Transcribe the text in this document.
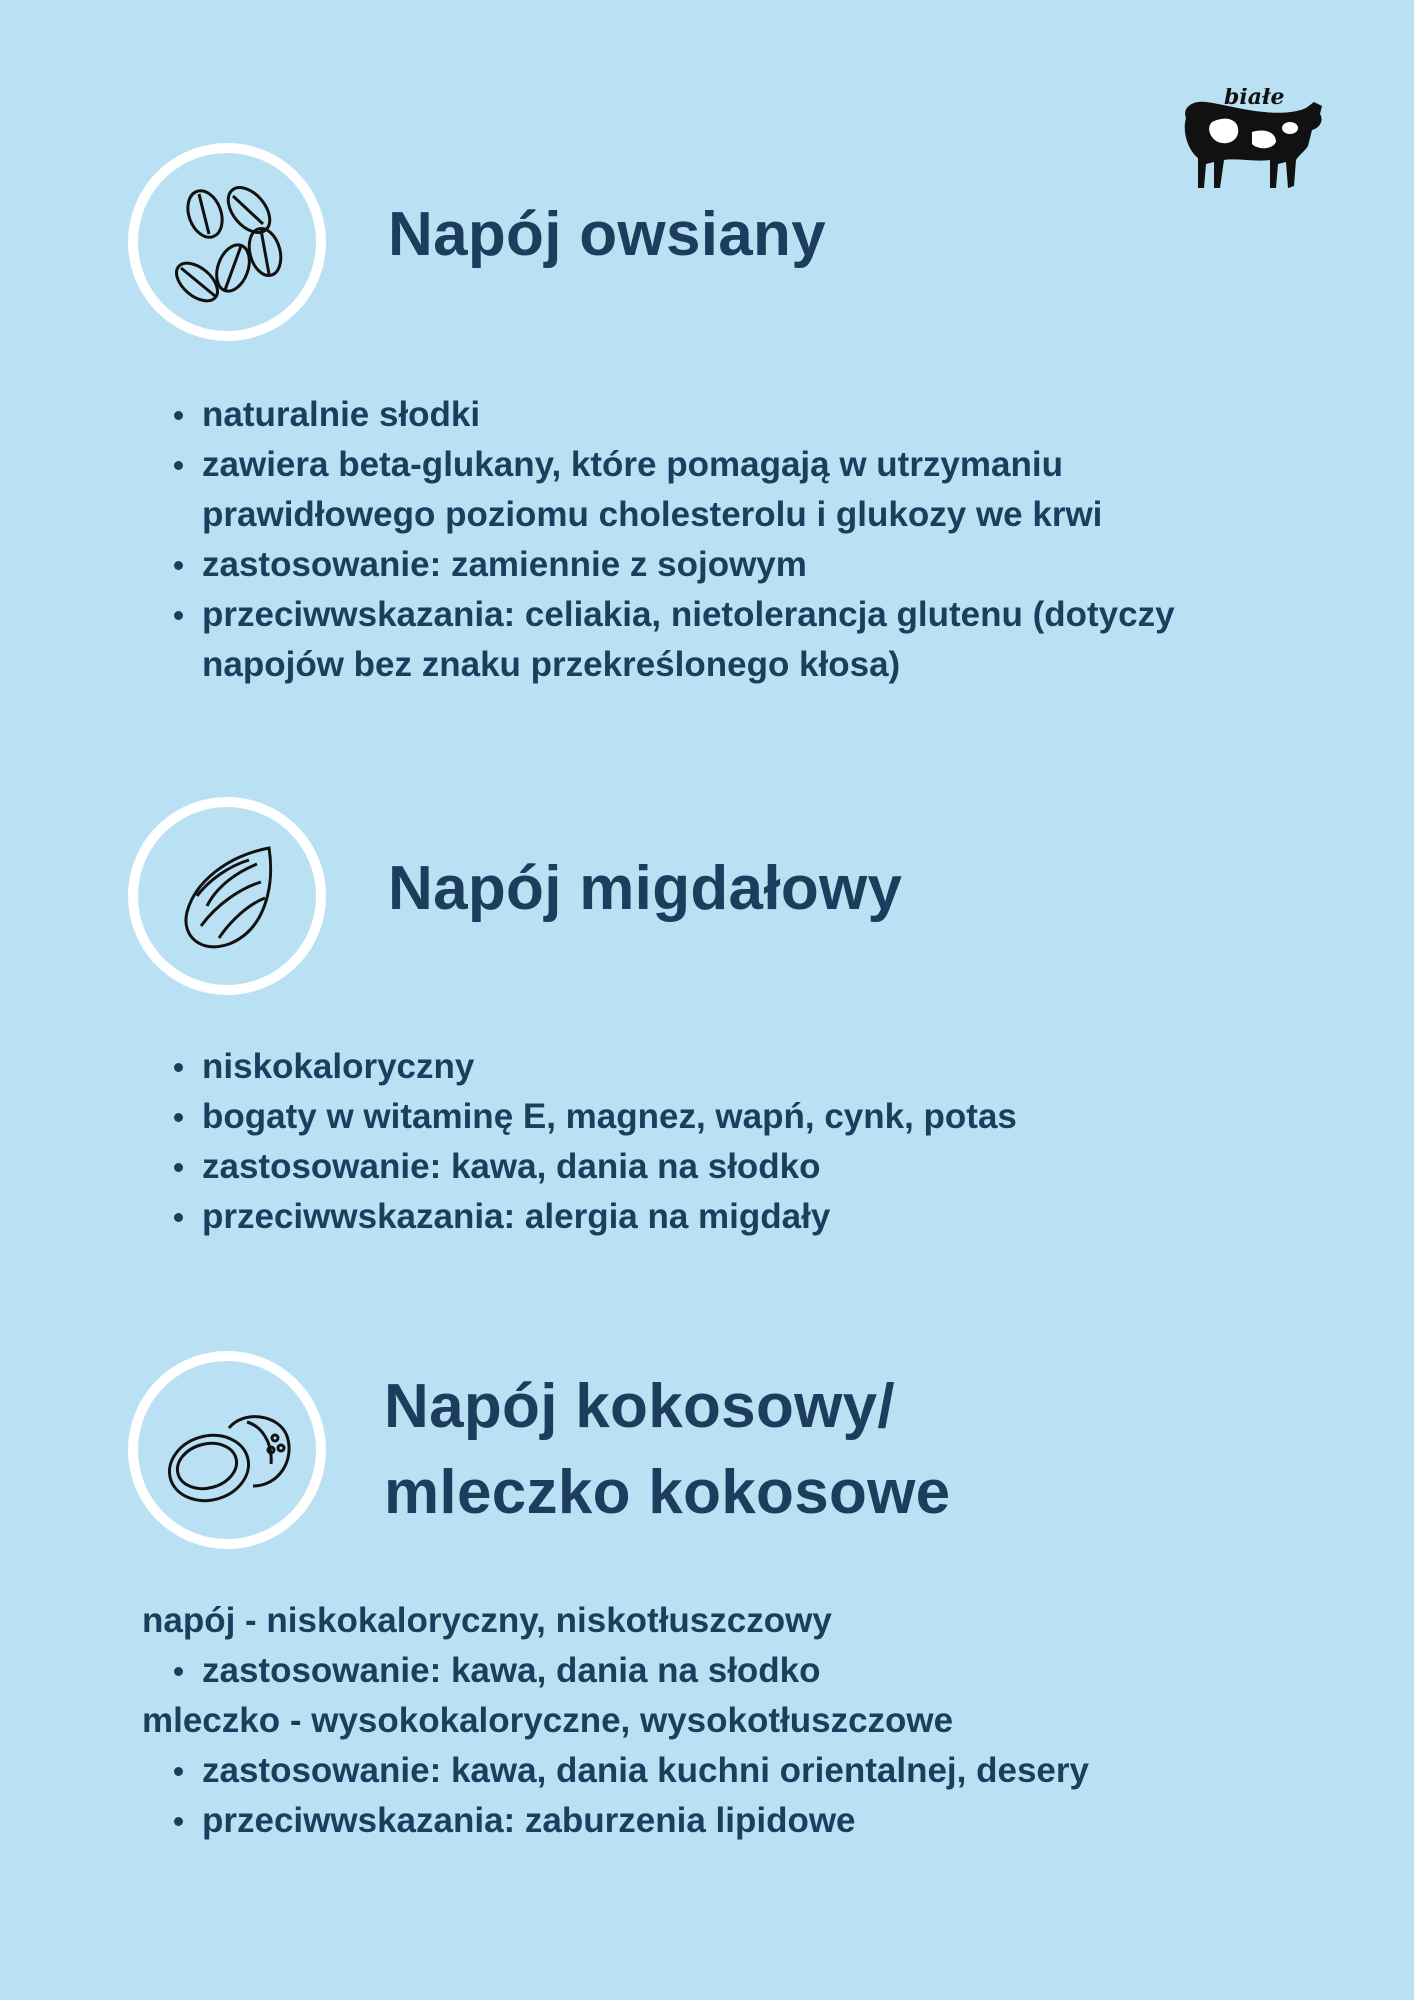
białe
KŁAMSTWA
Napój owsiany
naturalnie słodki
zawiera beta-glukany, które pomagają w utrzymaniu prawidłowego poziomu cholesterolu i glukozy we krwi
zastosowanie: zamiennie z sojowym
przeciwwskazania: celiakia, nietolerancja glutenu (dotyczy napojów bez znaku przekreślonego kłosa)
Napój migdałowy
niskokaloryczny
bogaty w witaminę E, magnez, wapń, cynk, potas
zastosowanie: kawa, dania na słodko
przeciwwskazania: alergia na migdały
Napój kokosowy/
mleczko kokosowe

napój - niskokaloryczny, niskotłuszczowy

zastosowanie: kawa, dania na słodko

mleczko - wysokokaloryczne, wysokotłuszczowe

zastosowanie: kawa, dania kuchni orientalnej, desery
przeciwwskazania: zaburzenia lipidowe
